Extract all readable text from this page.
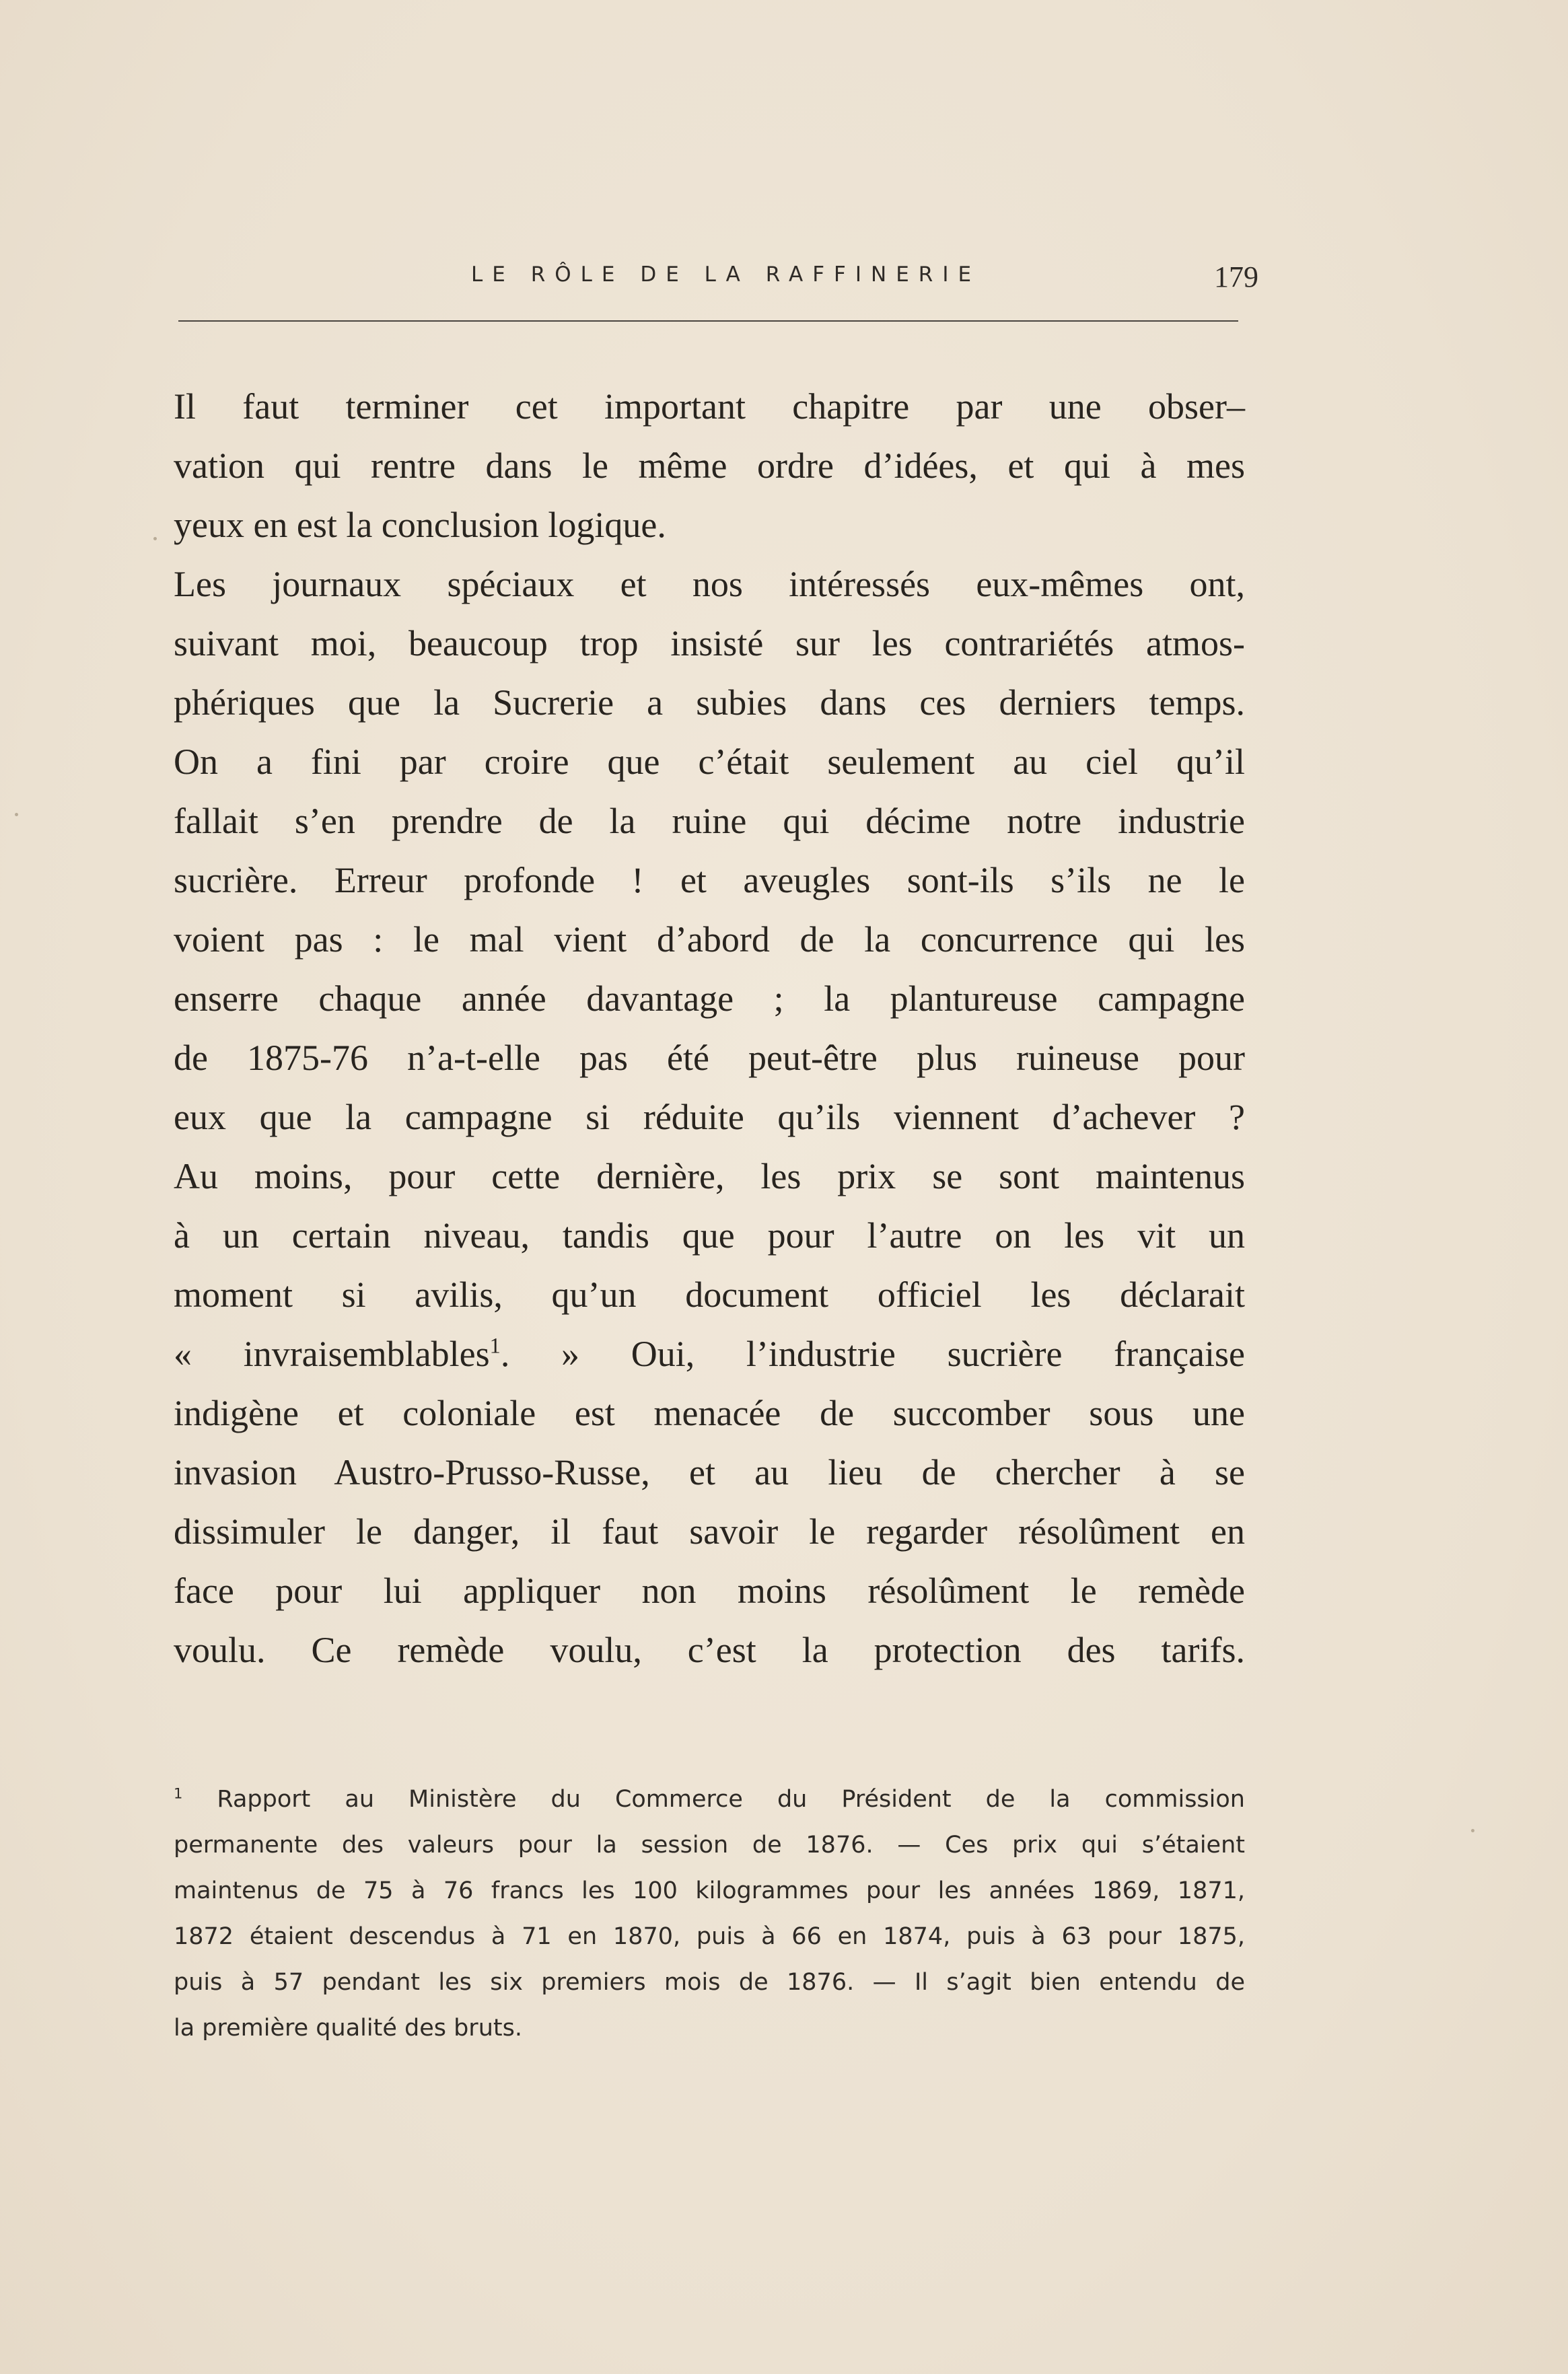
LE RÔLE DE LA RAFFINERIE	179
Il faut terminer cet important chapitre par une obser–
vation qui rentre dans le même ordre d’idées, et qui à mes
yeux en est la conclusion logique.
Les journaux spéciaux et nos intéressés eux-mêmes ont,
suivant moi, beaucoup trop insisté sur les contrariétés atmos-
phériques que la Sucrerie a subies dans ces derniers temps.
On a fini par croire que c’était seulement au ciel qu’il
fallait s’en prendre de la ruine qui décime notre industrie
sucrière. Erreur profonde ! et aveugles sont-ils s’ils ne le
voient pas : le mal vient d’abord de la concurrence qui les
enserre chaque année davantage ; la plantureuse campagne
de 1875-76 n’a-t-elle pas été peut-être plus ruineuse pour
eux que la campagne si réduite qu’ils viennent d’achever ?
Au moins, pour cette dernière, les prix se sont maintenus
à un certain niveau, tandis que pour l’autre on les vit un
moment si avilis, qu’un document officiel les déclarait
« invraisemblables$^1$. » Oui, l’industrie sucrière française
indigène et coloniale est menacée de succomber sous une
invasion Austro-Prusso-Russe, et au lieu de chercher à se
dissimuler le danger, il faut savoir le regarder résolûment en
face pour lui appliquer non moins résolûment le remède
voulu. Ce remède voulu, c’est la protection des tarifs.
$^1$ Rapport au Ministère du Commerce du Président de la commission
permanente des valeurs pour la session de 1876. — Ces prix qui s’étaient
maintenus de 75 à 76 francs les 100 kilogrammes pour les années 1869, 1871,
1872 étaient descendus à 71 en 1870, puis à 66 en 1874, puis à 63 pour 1875,
puis à 57 pendant les six premiers mois de 1876. — Il s’agit bien entendu de
la première qualité des bruts.
